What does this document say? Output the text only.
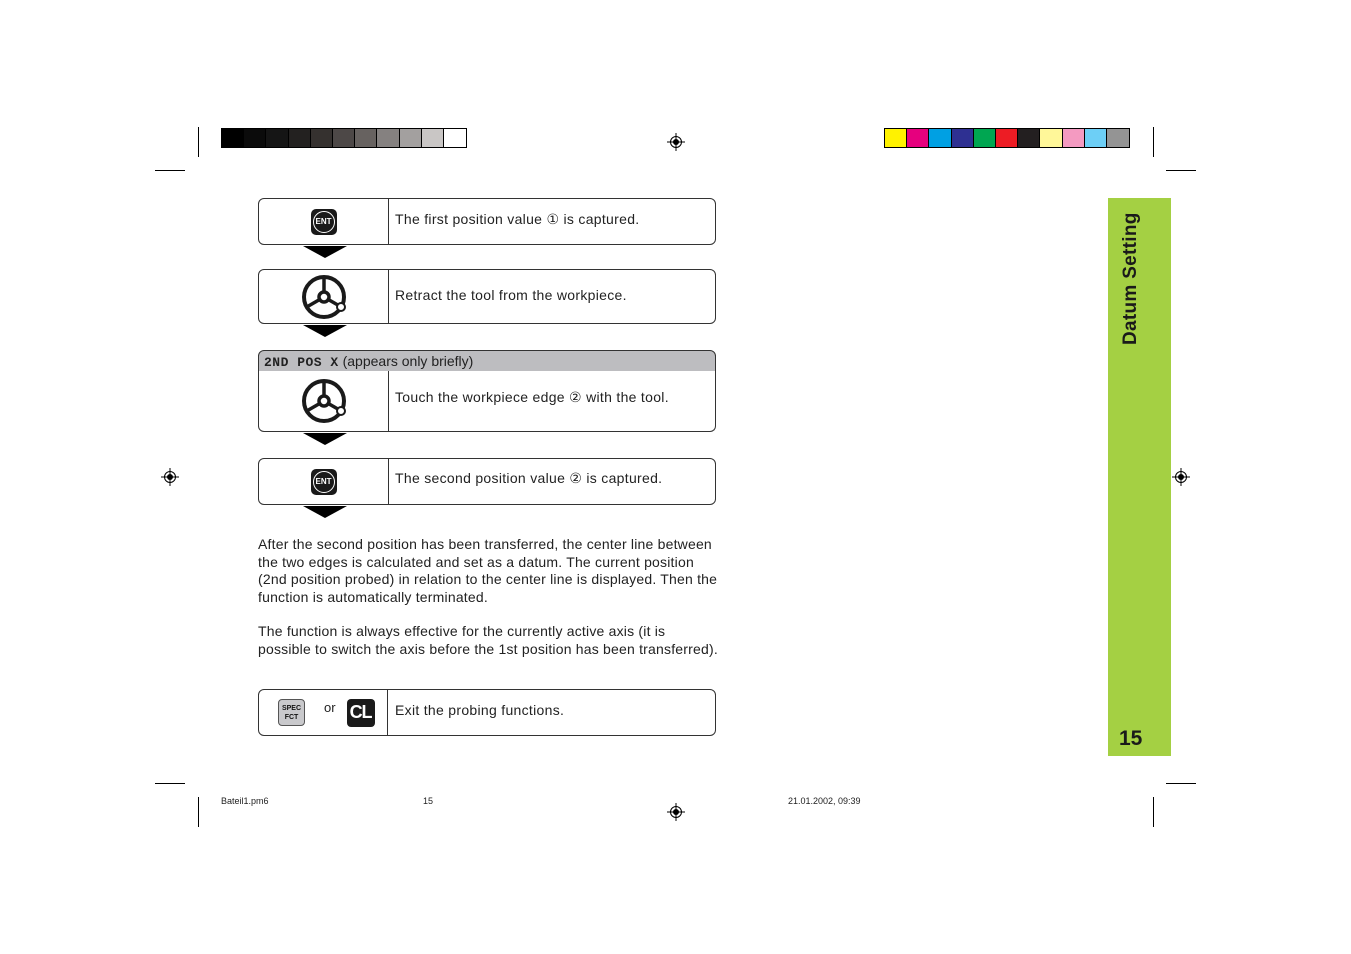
ENT	The first position value ① is captured.
Retract the tool from the workpiece.
2ND POS X (appears only briefly)
Touch the workpiece edge ② with the tool.
ENT	The second position value ② is captured.
After the second position has been transferred, the center line between the two edges is calculated and set as a datum. The current position (2nd position probed) in relation to the center line is displayed. Then the function is automatically terminated.
The function is always effective for the currently active axis (it is possible to switch the axis before the 1st position has been transferred).
SPEC
FCT
or CL Exit the probing functions.
Datum Setting
15
Bateil1.pm6	15	21.01.2002, 09:39
